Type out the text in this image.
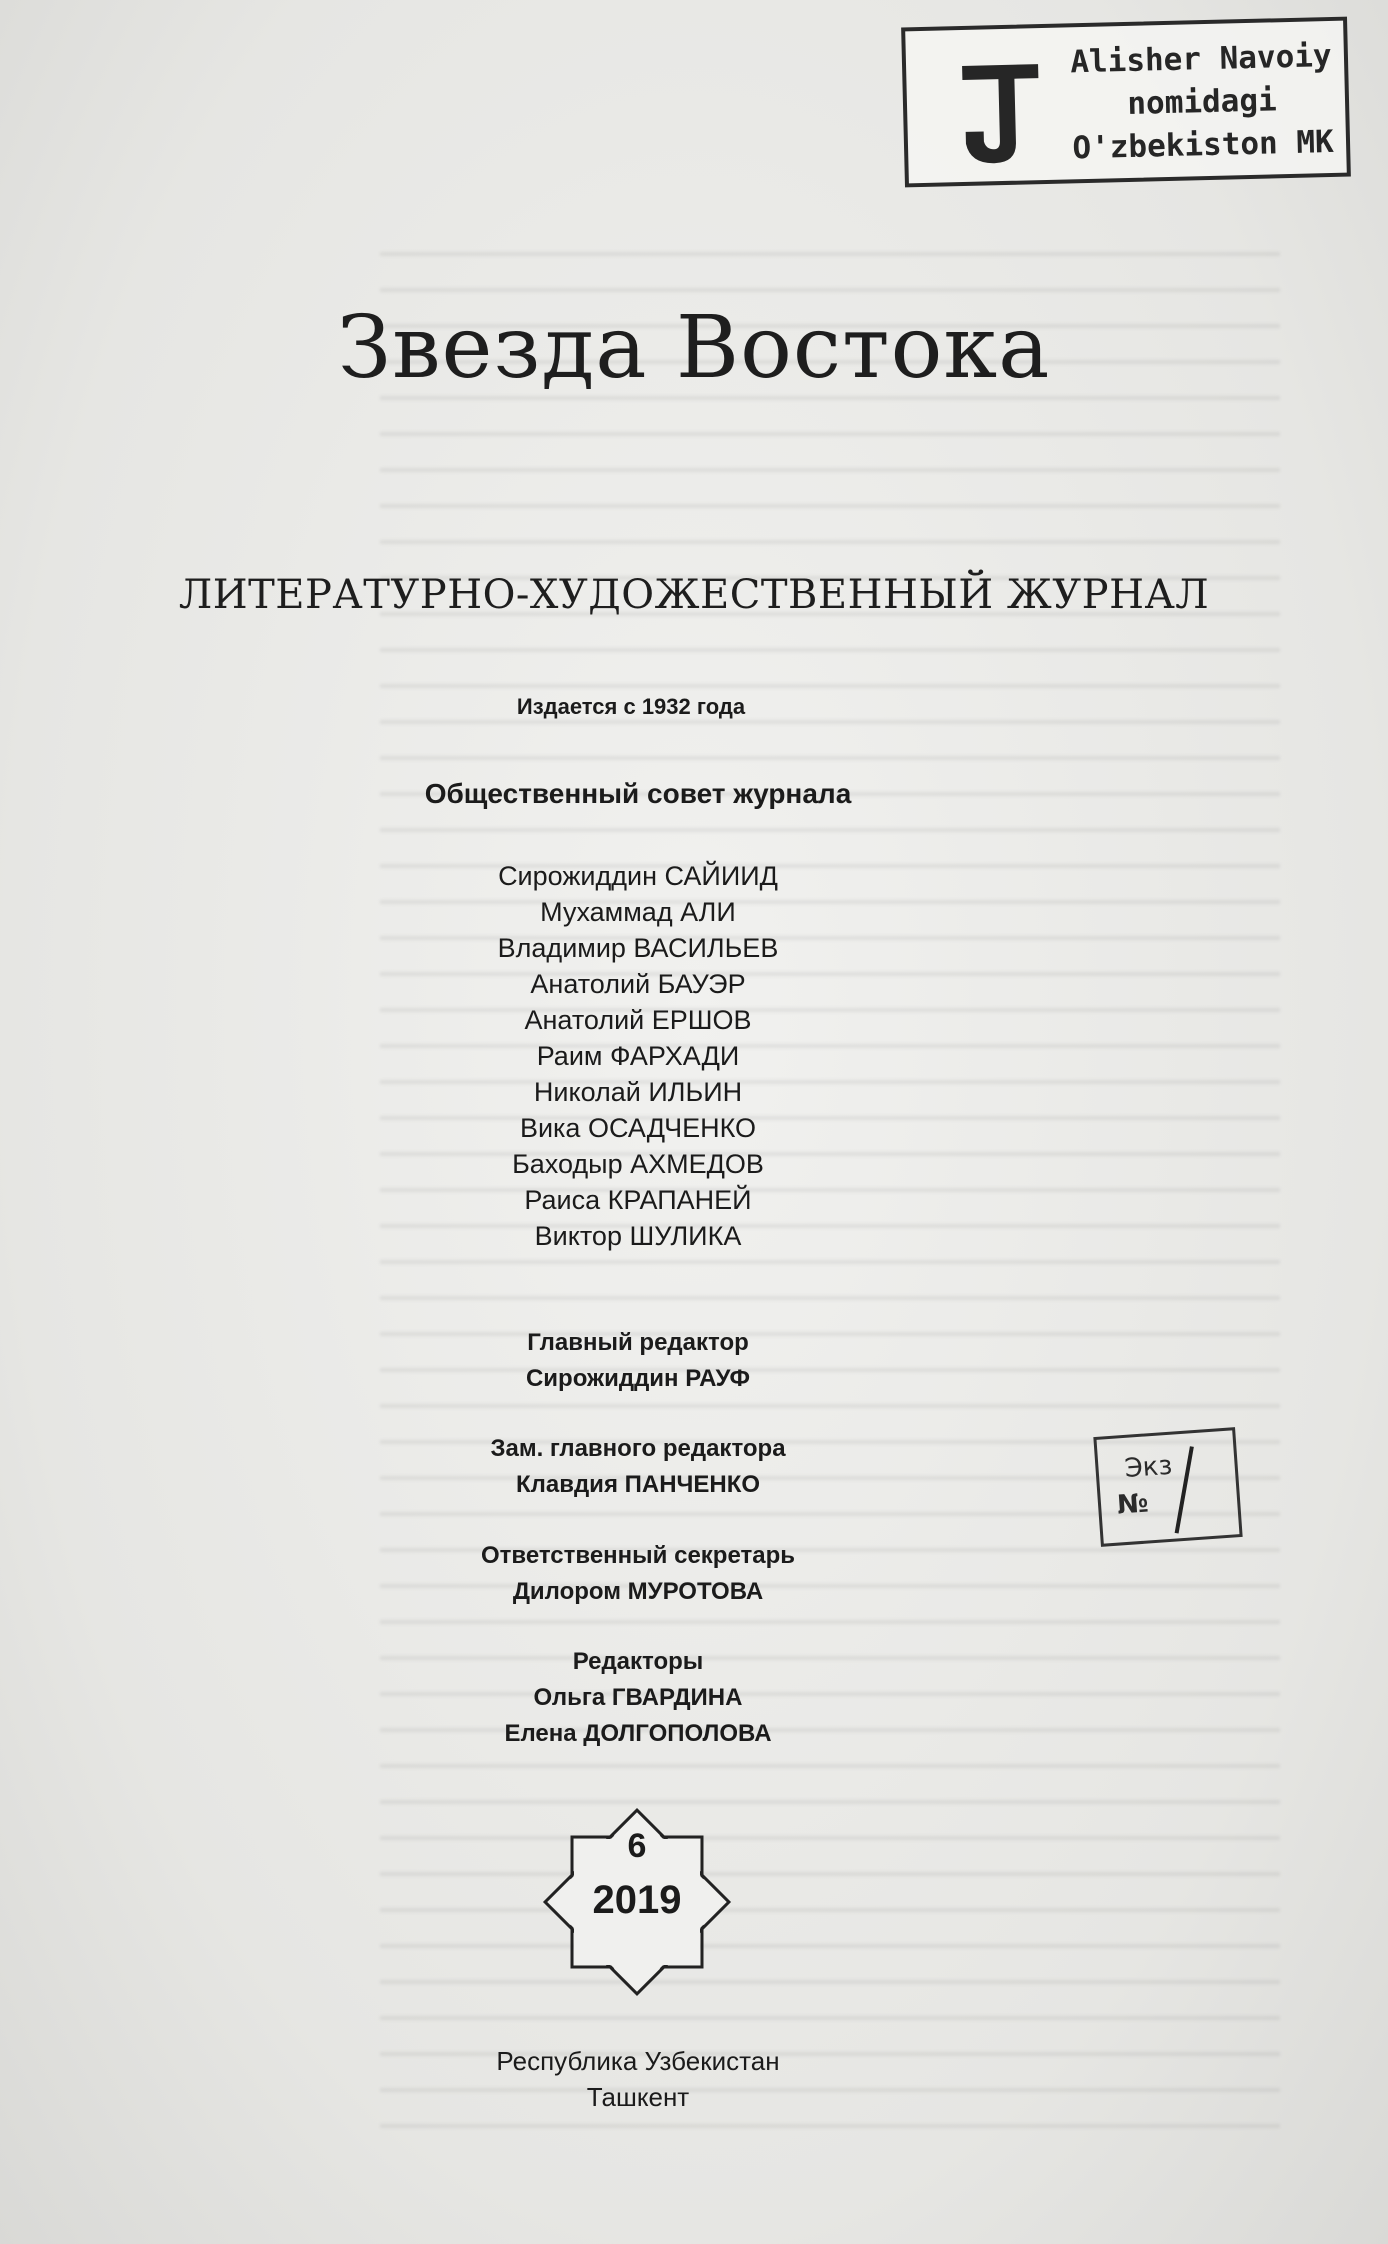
Alisher Navoiy
nomidagi
O'zbekiston MK
Звезда Востока
ЛИТЕРАТУРНО-ХУДОЖЕСТВЕННЫЙ ЖУРНАЛ
Издается с 1932 года
Общественный совет журнала
Сирожиддин САЙИИД
Мухаммад АЛИ
Владимир ВАСИЛЬЕВ
Анатолий БАУЭР
Анатолий ЕРШОВ
Раим ФАРХАДИ
Николай ИЛЬИН
Вика ОСАДЧЕНКО
Баходыр АХМЕДОВ
Раиса КРАПАНЕЙ
Виктор ШУЛИКА
Главный редактор
Сирожиддин РАУФ
Зам. главного редактора
Клавдия ПАНЧЕНКО
Ответственный секретарь
Дилором МУРОТОВА
Редакторы
Ольга ГВАРДИНА
Елена ДОЛГОПОЛОВА
6
2019
Республика Узбекистан
Ташкент
Экз
№
